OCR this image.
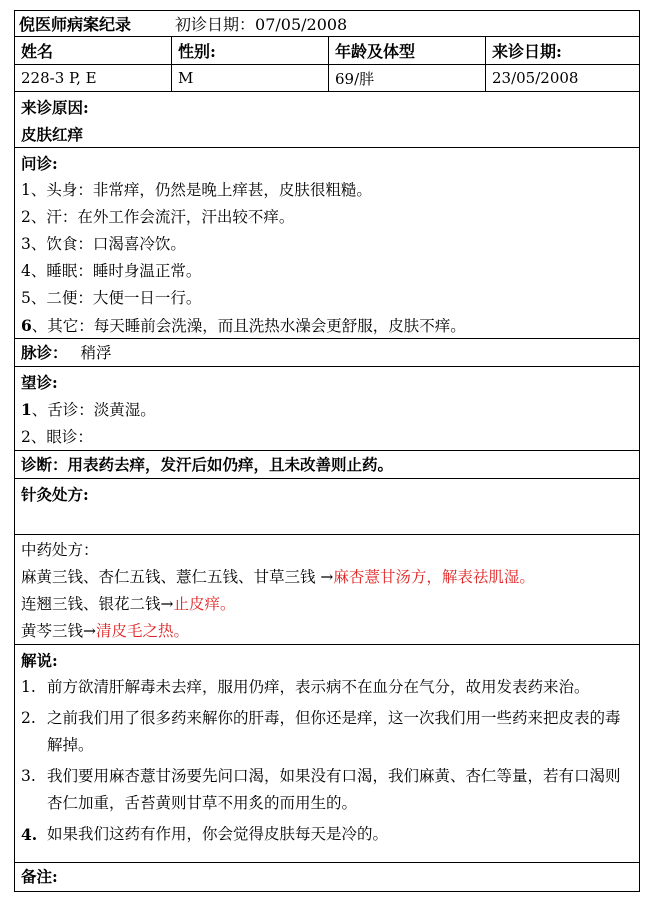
倪医师病案纪录	初诊日期：07/05/2008
姓名	性别:	年龄及体型	来诊日期:
228-3 P, E	M	69/胖	23/05/2008
来诊原因:
皮肤红痒
问诊:
1、头身：非常痒，仍然是晚上痒甚，皮肤很粗糙。
2、汗：在外工作会流汗，汗出较不痒。
3、饮食：口渴喜冷饮。
4、睡眠：睡时身温正常。
5、二便：大便一日一行。
6、其它：每天睡前会洗澡，而且洗热水澡会更舒服，皮肤不痒。
脉诊： 稍浮
望诊:
1、舌诊：淡黄湿。
2、眼诊：
诊断：用表药去痒，发汗后如仍痒，且未改善则止药。
针灸处方:
中药处方：
麻黄三钱、杏仁五钱、薏仁五钱、甘草三钱 →麻杏薏甘汤方，解表祛肌湿。
连翘三钱、银花二钱→止皮痒。
黄芩三钱→清皮毛之热。
解说:
1. 前方欲清肝解毒未去痒，服用仍痒，表示病不在血分在气分，故用发表药来治。
2. 之前我们用了很多药来解你的肝毒，但你还是痒，这一次我们用一些药来把皮表的毒解掉。
3. 我们要用麻杏薏甘汤要先问口渴，如果没有口渴，我们麻黄、杏仁等量，若有口渴则杏仁加重，舌苔黄则甘草不用炙的而用生的。
4. 如果我们这药有作用，你会觉得皮肤每天是冷的。
备注:
